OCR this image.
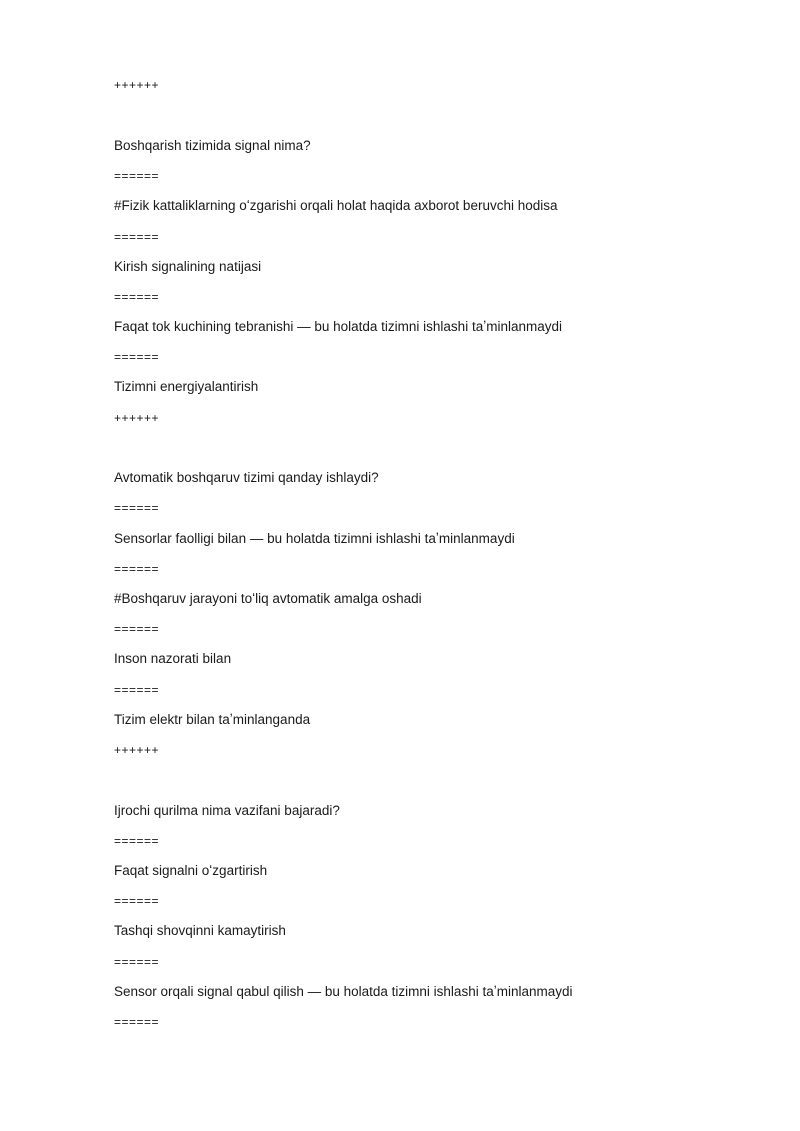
++++++
Boshqarish tizimida signal nima?
======
#Fizik kattaliklarning oʻzgarishi orqali holat haqida axborot beruvchi hodisa
======
Kirish signalining natijasi
======
Faqat tok kuchining tebranishi — bu holatda tizimni ishlashi taʼminlanmaydi
======
Tizimni energiyalantirish
++++++
Avtomatik boshqaruv tizimi qanday ishlaydi?
======
Sensorlar faolligi bilan — bu holatda tizimni ishlashi taʼminlanmaydi
======
#Boshqaruv jarayoni toʻliq avtomatik amalga oshadi
======
Inson nazorati bilan
======
Tizim elektr bilan taʼminlanganda
++++++
Ijrochi qurilma nima vazifani bajaradi?
======
Faqat signalni oʻzgartirish
======
Tashqi shovqinni kamaytirish
======
Sensor orqali signal qabul qilish — bu holatda tizimni ishlashi taʼminlanmaydi
======
